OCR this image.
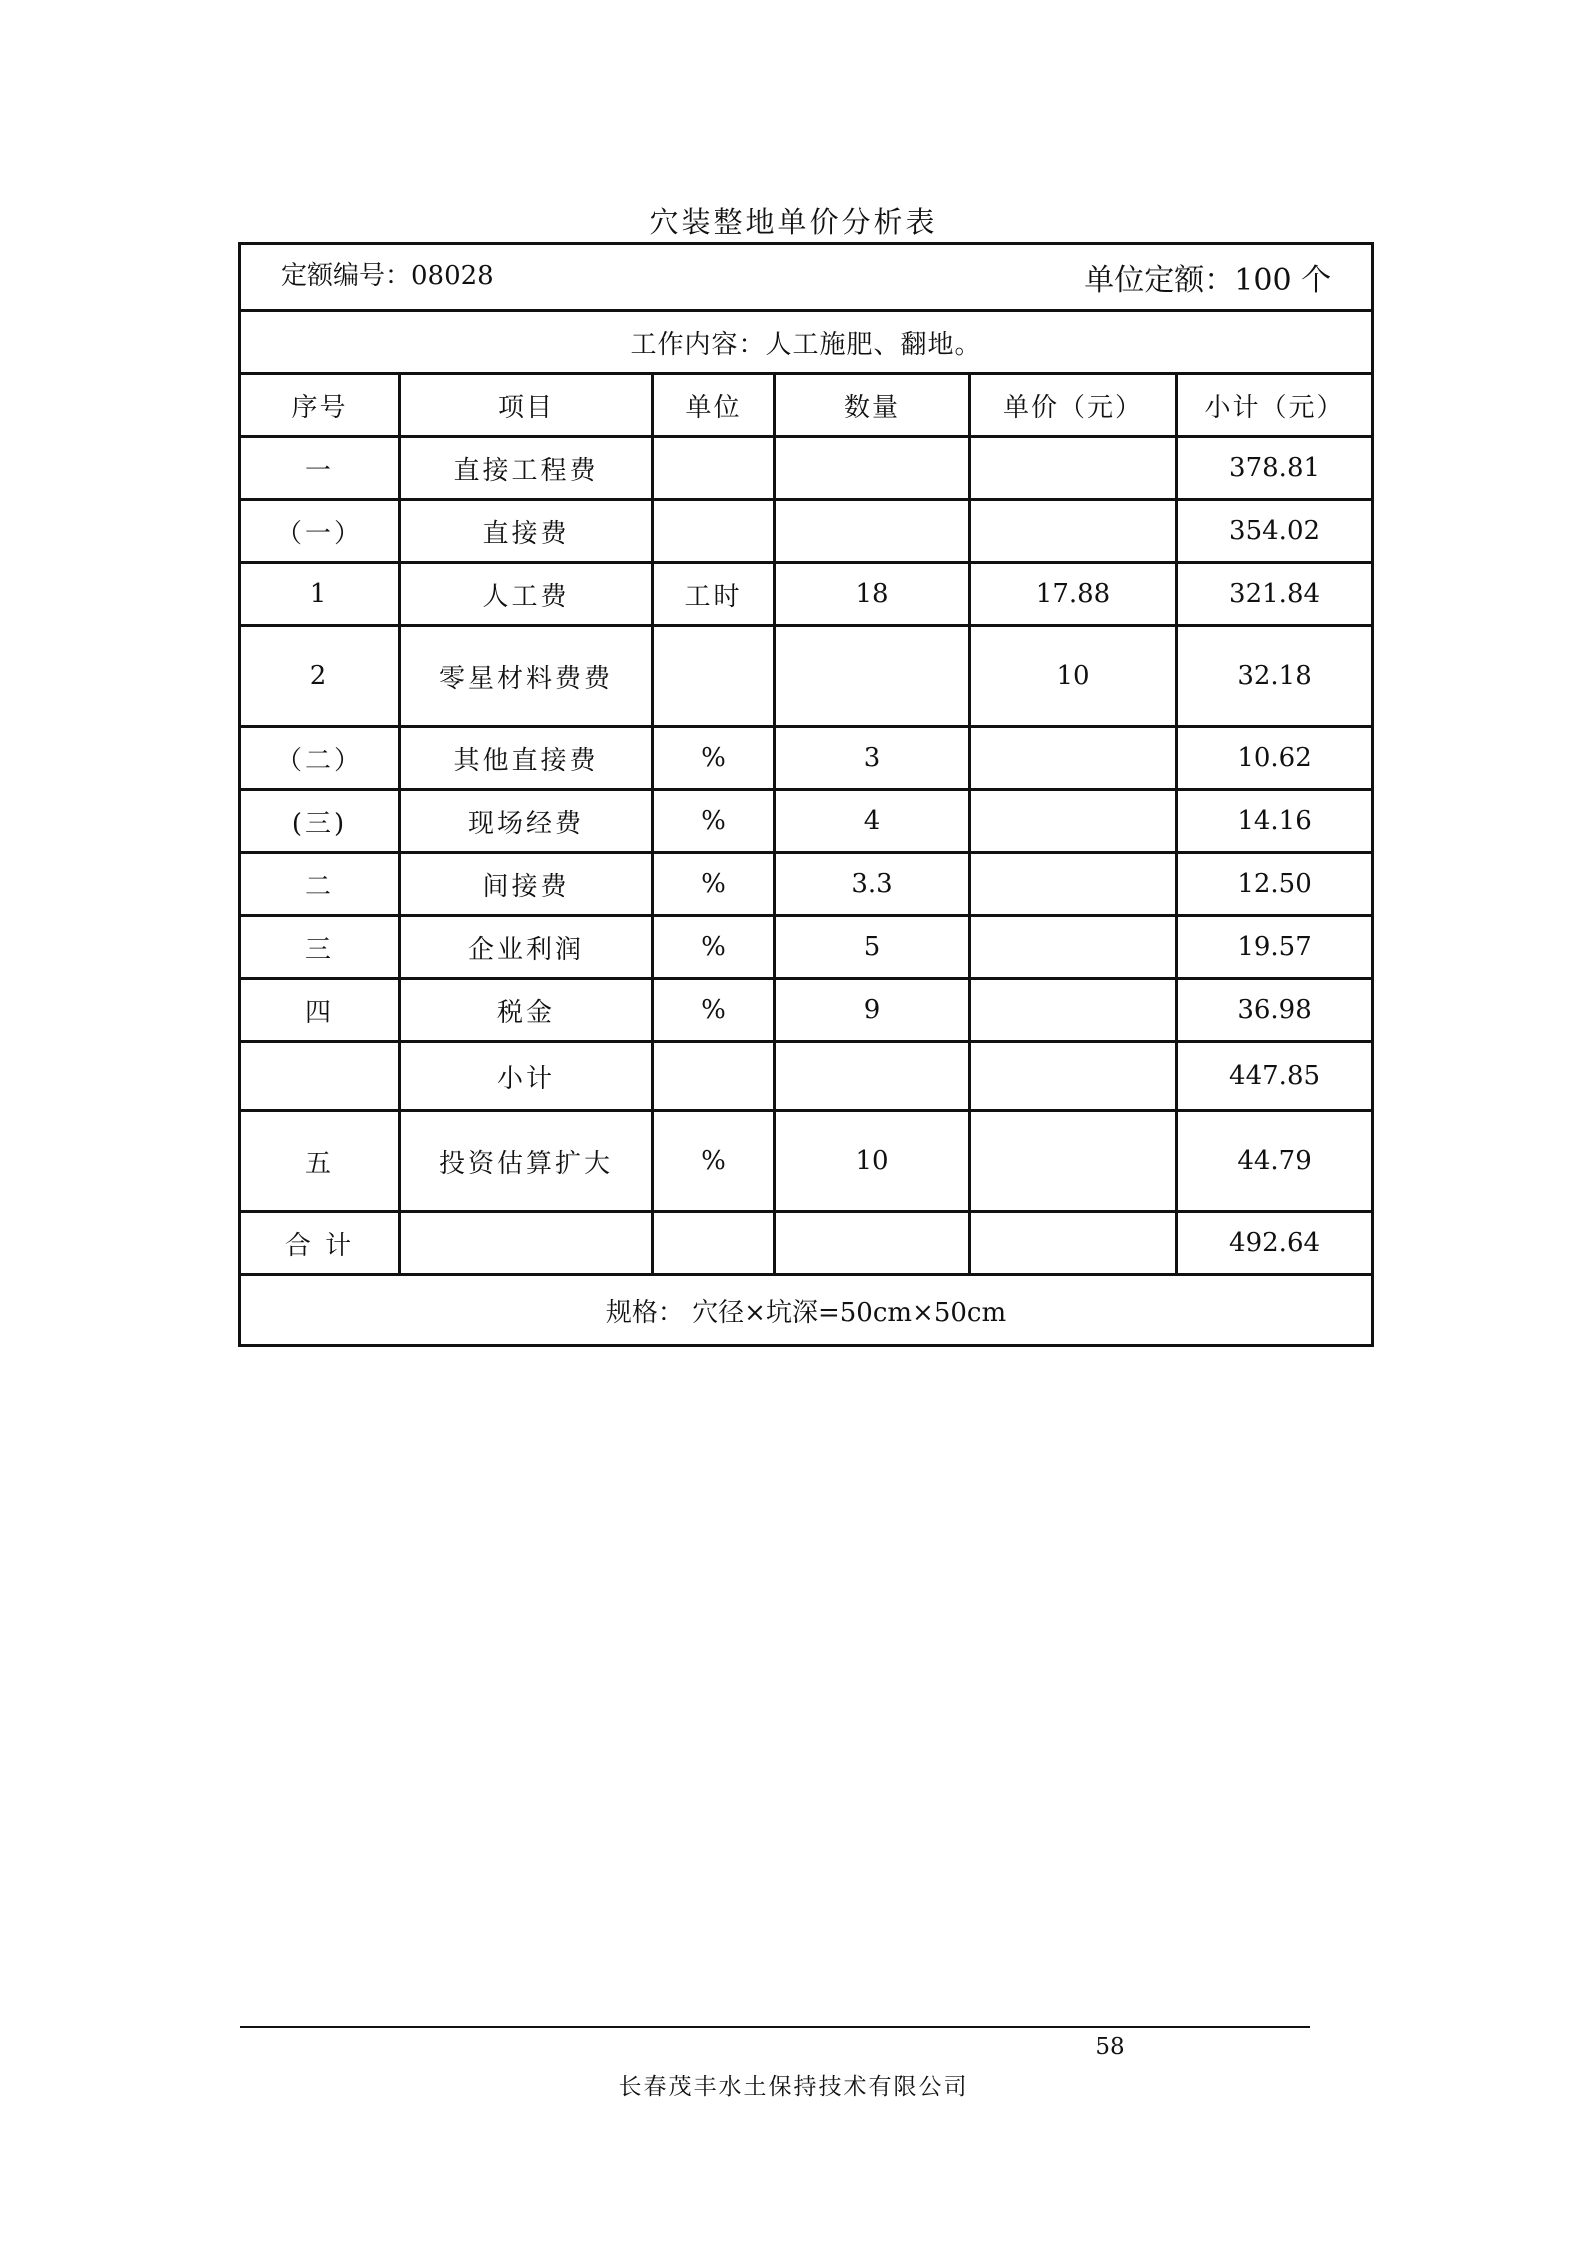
穴装整地单价分析表
定额编号：08028 单位定额：100 个					

工作内容：人工施肥、翻地。					
序号	项目	单位	数量	单价（元）	小计（元）
一	直接工程费				378.81
（一）	直接费				354.02
1	人工费	工时	18	17.88	321.84
2	零星材料费费			10	32.18
（二）	其他直接费	%	3		10.62
(三)	现场经费	%	4		14.16
二	间接费	%	3.3		12.50
三	企业利润	%	5		19.57
四	税金	%	9		36.98
	小计				447.85
五	投资估算扩大	%	10		44.79
合 计					492.64
规格： 穴径×坑深=50cm×50cm					
58
长春茂丰水土保持技术有限公司
